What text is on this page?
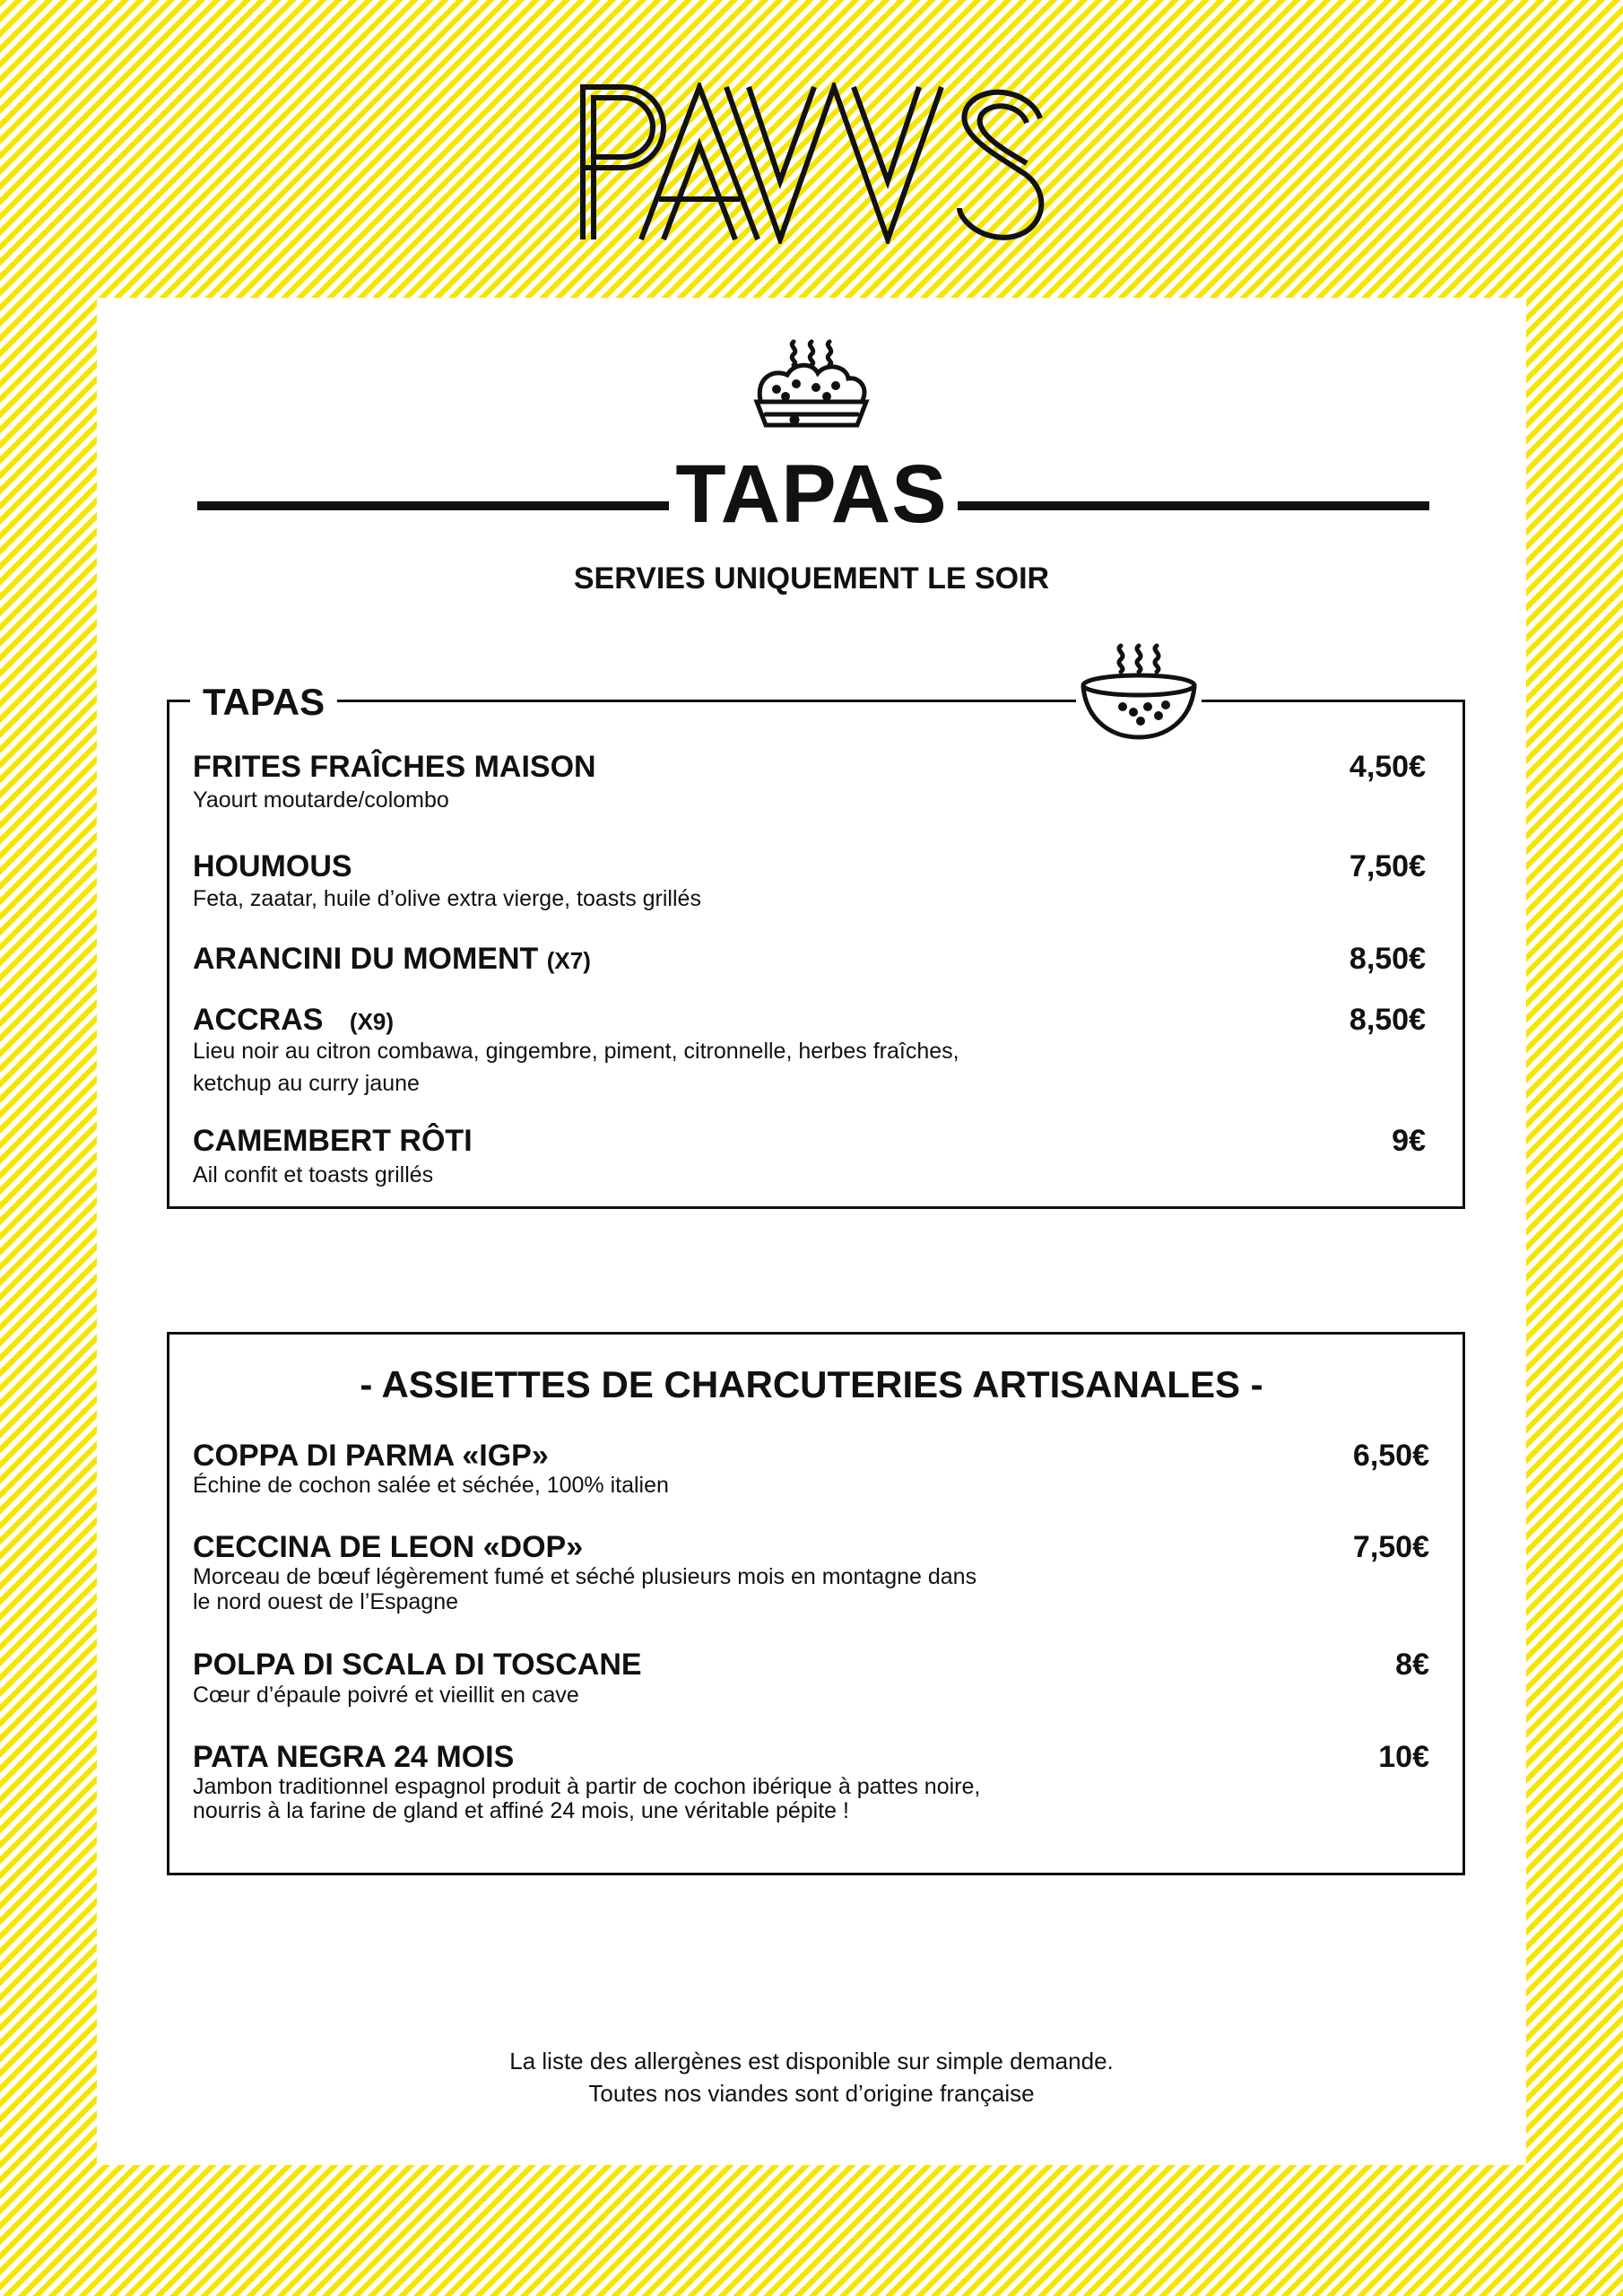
TAPAS
SERVIES UNIQUEMENT LE SOIR
TAPAS
FRITES FRAÎCHES MAISON
Yaourt moutarde/colombo
4,50€
HOUMOUS
Feta, zaatar, huile d’olive extra vierge, toasts grillés
7,50€
ARANCINI DU MOMENT (X7)	8,50€
ACCRAS (X9)
Lieu noir au citron combawa, gingembre, piment, citronnelle, herbes fraîches,
ketchup au curry jaune
8,50€
CAMEMBERT RÔTI
Ail confit et toasts grillés
9€
- ASSIETTES DE CHARCUTERIES ARTISANALES -
COPPA DI PARMA «IGP»
Échine de cochon salée et séchée, 100% italien
6,50€
CECCINA DE LEON «DOP»
Morceau de bœuf légèrement fumé et séché plusieurs mois en montagne dans
le nord ouest de l’Espagne
7,50€
POLPA DI SCALA DI TOSCANE
Cœur d’épaule poivré et vieillit en cave
8€
PATA NEGRA 24 MOIS
Jambon traditionnel espagnol produit à partir de cochon ibérique à pattes noire,
nourris à la farine de gland et affiné 24 mois, une véritable pépite !
10€
La liste des allergènes est disponible sur simple demande.
Toutes nos viandes sont d’origine française
